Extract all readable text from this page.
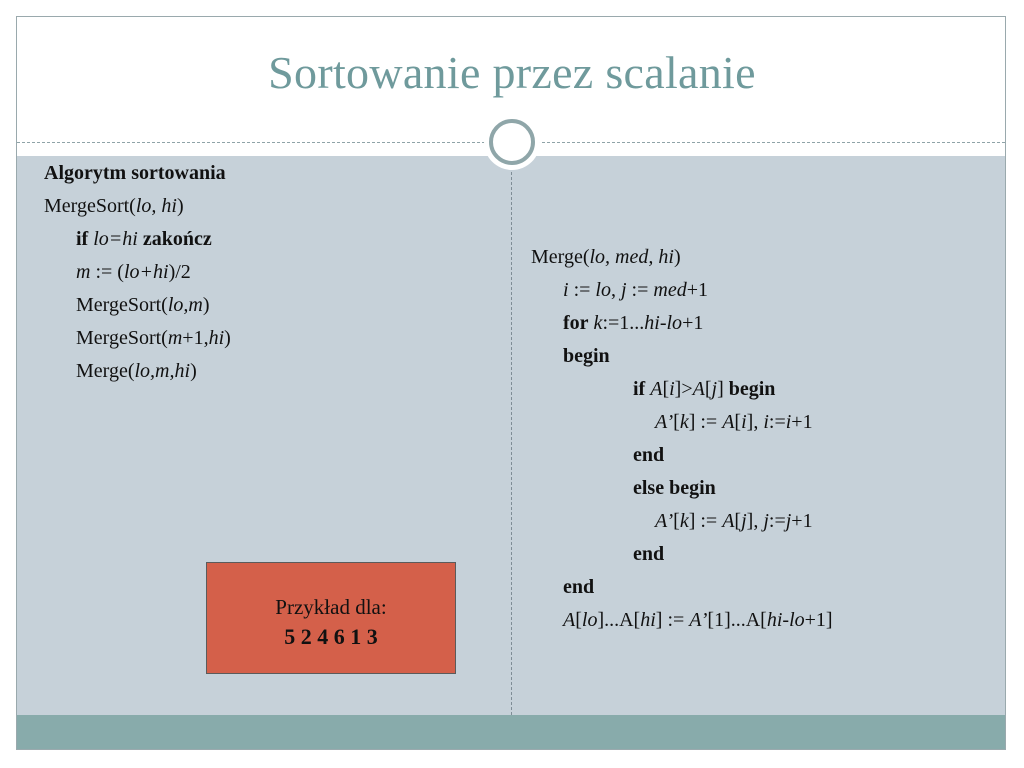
Sortowanie przez scalanie
Algorytm sortowania
MergeSort(lo, hi)
if lo=hi zakończ
m := (lo+hi)/2
MergeSort(lo,m)
MergeSort(m+1,hi)
Merge(lo,m,hi)
Przykład dla:
5 2 4 6 1 3
Merge(lo, med, hi)
i := lo, j := med+1
for k:=1...hi-lo+1
begin
if A[i]>A[j] begin
A’[k] := A[i], i:=i+1
end
else begin
A’[k] := A[j], j:=j+1
end
end
A[lo]...A[hi] := A’[1]...A[hi-lo+1]
